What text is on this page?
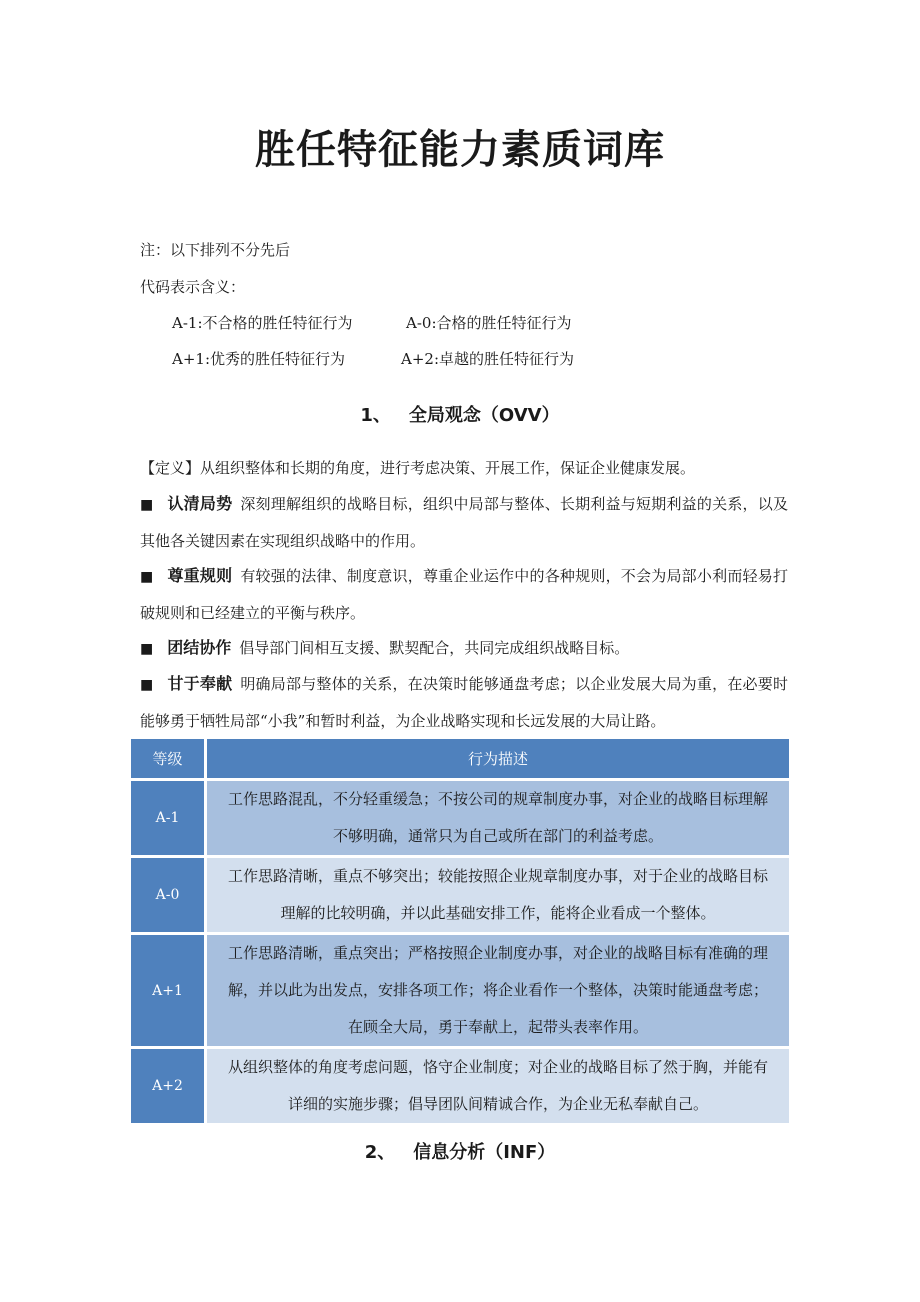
胜任特征能力素质词库
注：以下排列不分先后
代码表示含义：
A-1:不合格的胜任特征行为	A-0:合格的胜任特征行为
A+1:优秀的胜任特征行为	A+2:卓越的胜任特征行为
1、 全局观念（OVV）
【定义】从组织整体和长期的角度，进行考虑决策、开展工作，保证企业健康发展。
■ 认清局势 深刻理解组织的战略目标，组织中局部与整体、长期利益与短期利益的关系，以及其他各关键因素在实现组织战略中的作用。
■ 尊重规则 有较强的法律、制度意识，尊重企业运作中的各种规则，不会为局部小利而轻易打破规则和已经建立的平衡与秩序。
■ 团结协作 倡导部门间相互支援、默契配合，共同完成组织战略目标。
■ 甘于奉献 明确局部与整体的关系，在决策时能够通盘考虑；以企业发展大局为重，在必要时能够勇于牺牲局部“小我”和暂时利益，为企业战略实现和长远发展的大局让路。
等级	行为描述
A-1	工作思路混乱，不分轻重缓急；不按公司的规章制度办事，对企业的战略目标理解不够明确，通常只为自己或所在部门的利益考虑。
A-0	工作思路清晰，重点不够突出；较能按照企业规章制度办事，对于企业的战略目标理解的比较明确，并以此基础安排工作，能将企业看成一个整体。
A+1	工作思路清晰，重点突出；严格按照企业制度办事，对企业的战略目标有准确的理解，并以此为出发点，安排各项工作；将企业看作一个整体，决策时能通盘考虑；在顾全大局，勇于奉献上，起带头表率作用。
A+2	从组织整体的角度考虑问题，恪守企业制度；对企业的战略目标了然于胸，并能有详细的实施步骤；倡导团队间精诚合作，为企业无私奉献自己。
2、 信息分析（INF）
